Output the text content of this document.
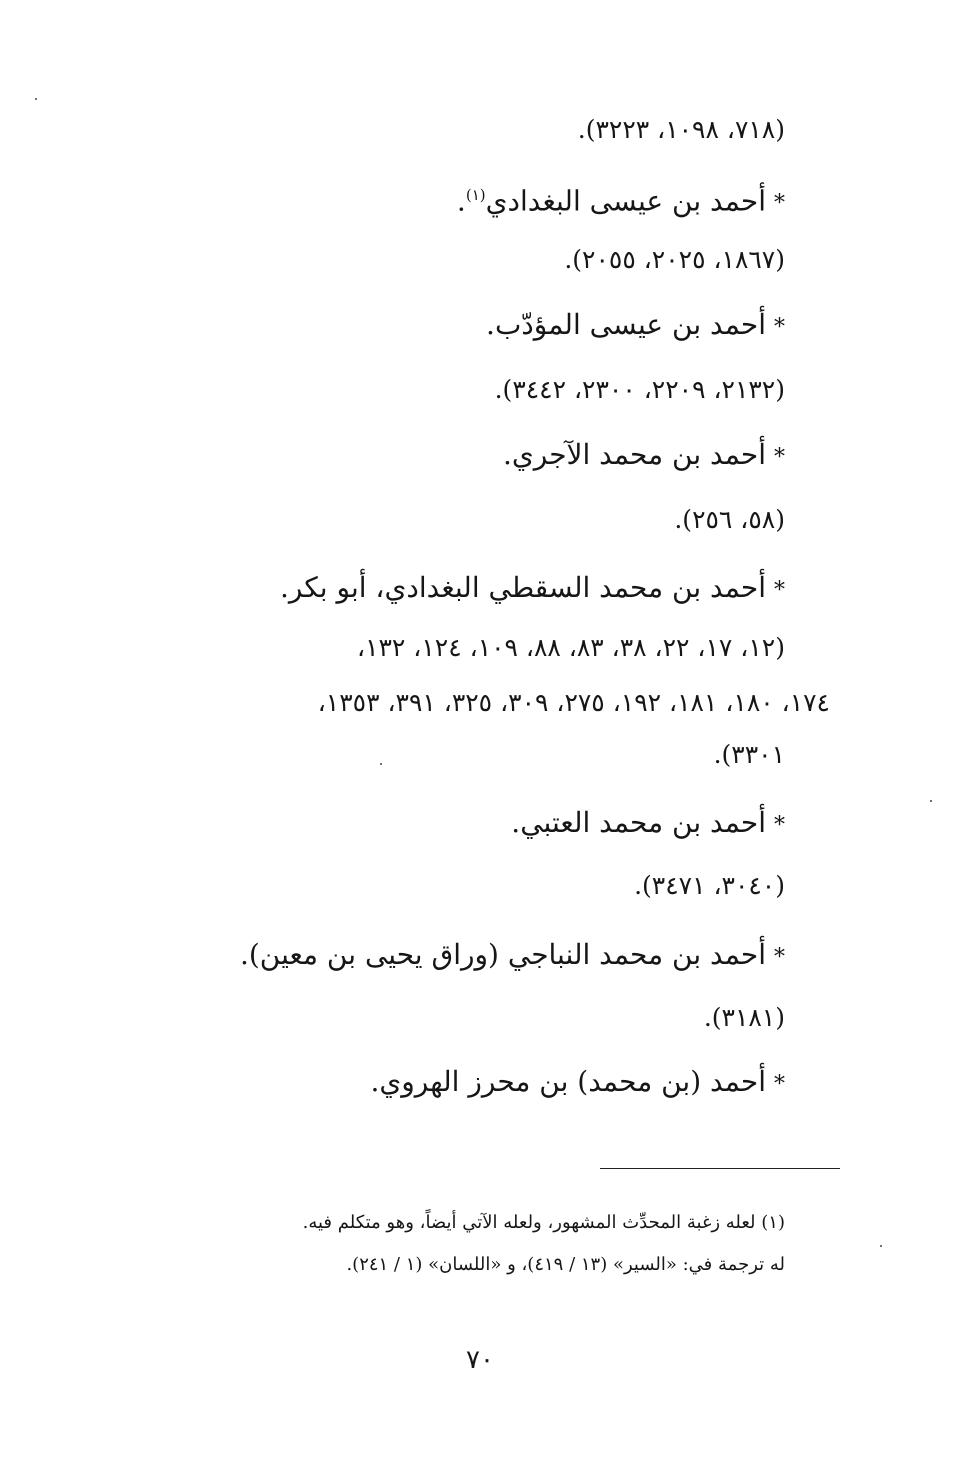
(٧١٨، ١٠٩٨، ٣٢٢٣).
*أحمد بن عيسى البغدادي$^{(١)}$.
(١٨٦٧، ٢٠٢٥، ٢٠٥٥).
*أحمد بن عيسى المؤدّب.
(٢١٣٢، ٢٢٠٩، ٢٣٠٠، ٣٤٤٢).
*أحمد بن محمد الآجري.
(٥٨، ٢٥٦).
*أحمد بن محمد السقطي البغدادي، أبو بكر.
(١٢، ١٧، ٢٢، ٣٨، ٨٣، ٨٨، ١٠٩، ١٢٤، ١٣٢،
١٧٤، ١٨٠، ١٨١، ١٩٢، ٢٧٥، ٣٠٩، ٣٢٥، ٣٩١، ١٣٥٣،
٣٣٠١).
*أحمد بن محمد العتبي.
(٣٠٤٠، ٣٤٧١).
*أحمد بن محمد النباجي (وراق يحيى بن معين).
(٣١٨١).
*أحمد (بن محمد) بن محرز الهروي.
(١) لعله زغبة المحدِّث المشهور، ولعله الآتي أيضاً، وهو متكلم فيه.
له ترجمة في: «السير» (١٣ / ٤١٩)، و «اللسان» (١ / ٢٤١).
٧٠
